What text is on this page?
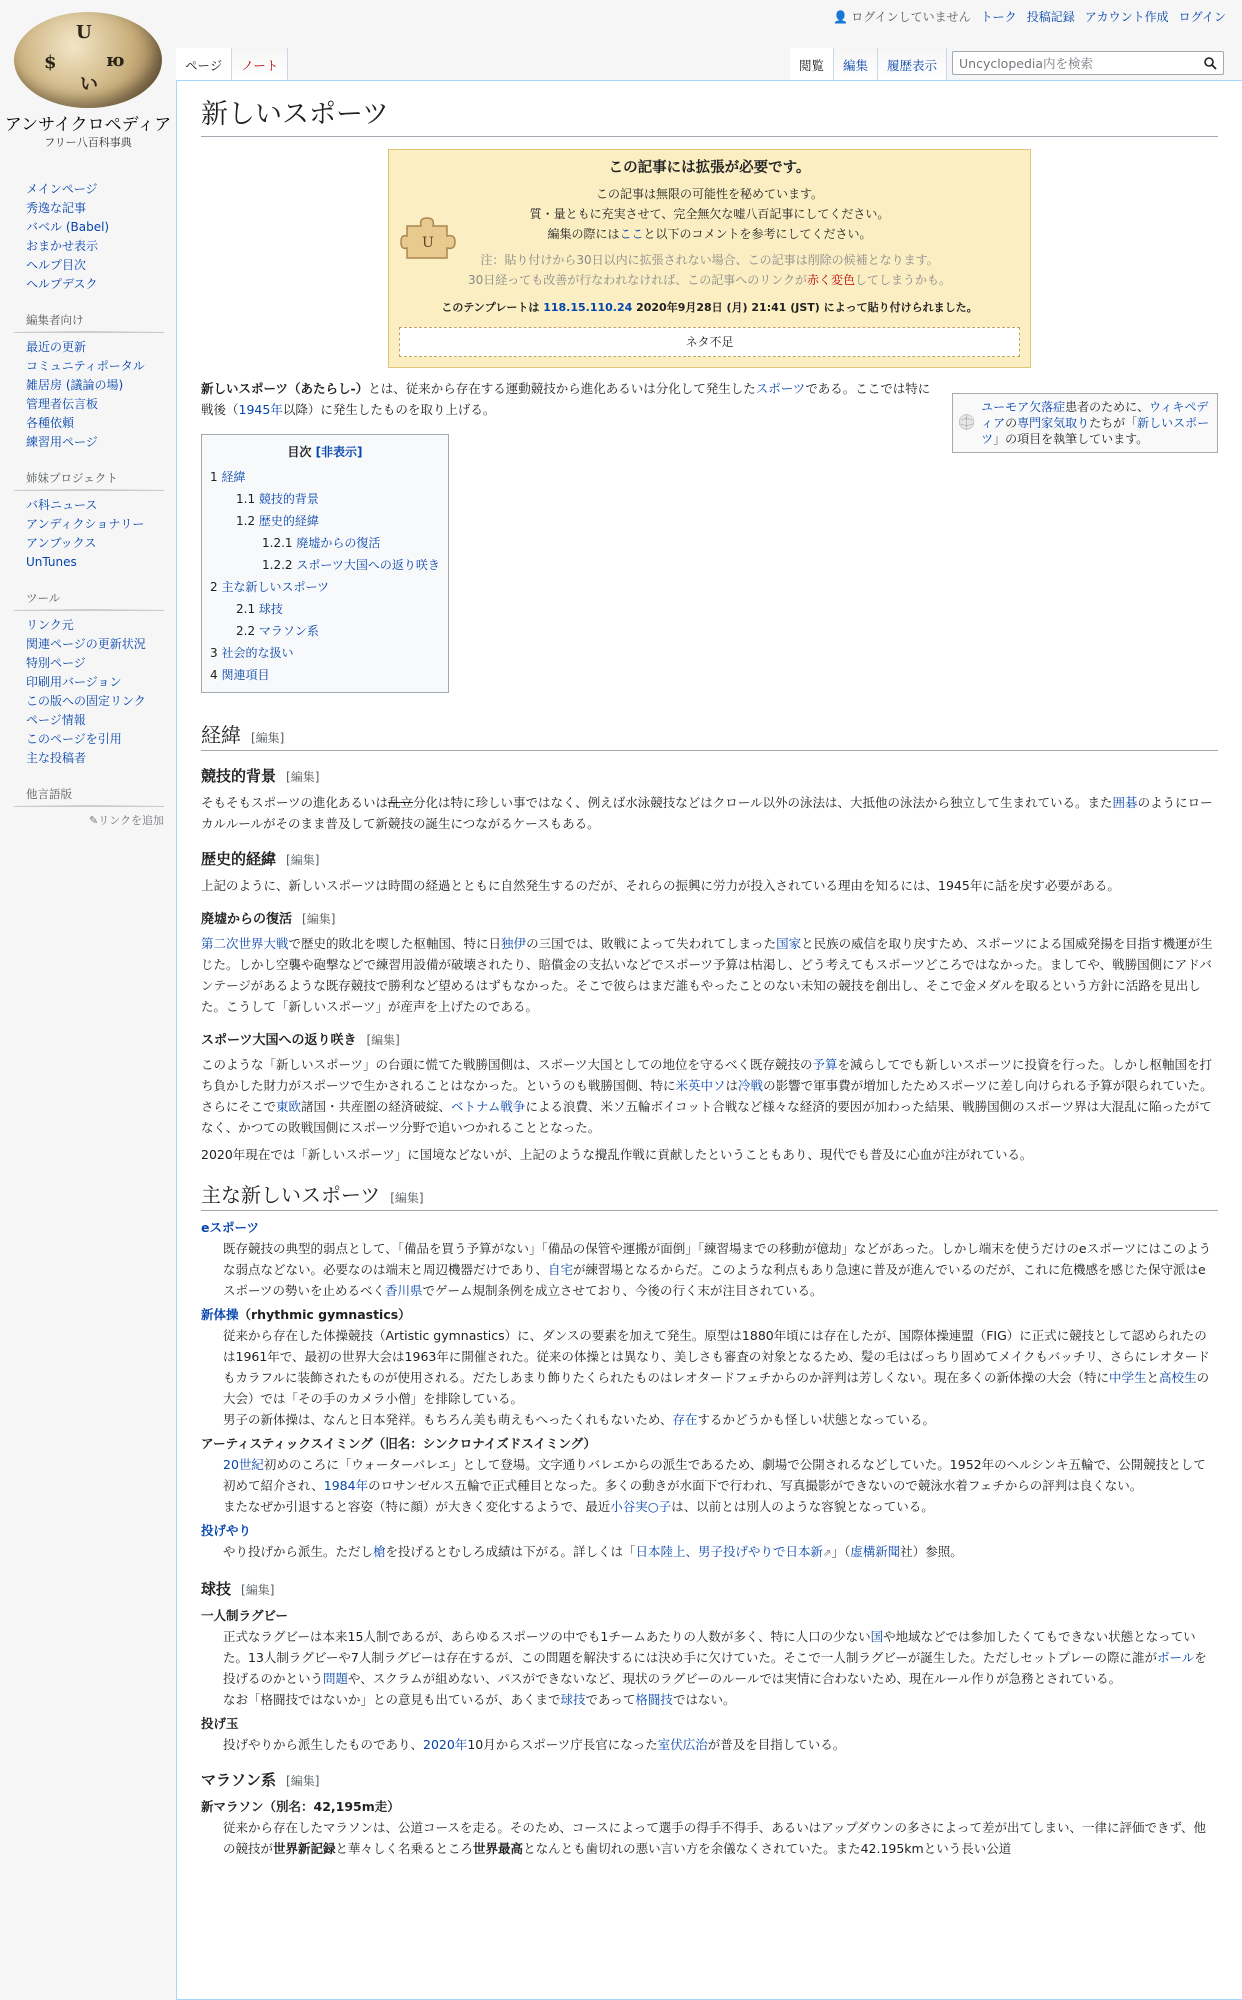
U
$	ю
い
アンサイクロペディア
フリー八百科事典
👤 ログインしていません トーク 投稿記録 アカウント作成 ログイン
ページ	ノート	閲覧	編集	履歴表示	Uncyclopedia内を検索
メインページ
秀逸な記事
バベル (Babel)
おまかせ表示
ヘルプ目次
ヘルプデスク
編集者向け
最近の更新
コミュニティポータル
雑居房 (議論の場)
管理者伝言板
各種依頼
練習用ページ
姉妹プロジェクト
バ科ニュース
アンディクショナリー
アンブックス
UnTunes
ツール
リンク元
関連ページの更新状況
特別ページ
印刷用バージョン
この版への固定リンク
ページ情報
このページを引用
主な投稿者
他言語版
✎リンクを追加
新しいスポーツ
U
この記事には拡張が必要です。
この記事は無限の可能性を秘めています。
質・量ともに充実させて、完全無欠な嘘八百記事にしてください。
編集の際にはここと以下のコメントを参考にしてください。
注：貼り付けから30日以内に拡張されない場合、この記事は削除の候補となります。
30日経っても改善が行なわれなければ、この記事へのリンクが赤く変色してしまうかも。
このテンプレートは 118.15.110.24 2020年9月28日 (月) 21:41 (JST) によって貼り付けられました。
ネタ不足
ユーモア欠落症患者のために、ウィキペディアの専門家気取りたちが「新しいスポーツ」の項目を執筆しています。

新しいスポーツ（あたらし-）とは、従来から存在する運動競技から進化あるいは分化して発生したスポーツである。ここでは特に戦後（1945年以降）に発生したものを取り上げる。

目次 [非表示]
1 経緯
1.1 競技的背景
1.2 歴史的経緯
1.2.1 廃墟からの復活
1.2.2 スポーツ大国への返り咲き
2 主な新しいスポーツ
2.1 球技
2.2 マラソン系
3 社会的な扱い
4 関連項目
経緯 [編集]
競技的背景 [編集]

そもそもスポーツの進化あるいは乱立分化は特に珍しい事ではなく、例えば水泳競技などはクロール以外の泳法は、大抵他の泳法から独立して生まれている。また囲碁のようにローカルルールがそのまま普及して新競技の誕生につながるケースもある。

歴史的経緯 [編集]

上記のように、新しいスポーツは時間の経過とともに自然発生するのだが、それらの振興に労力が投入されている理由を知るには、1945年に話を戻す必要がある。

廃墟からの復活 [編集]

第二次世界大戦で歴史的敗北を喫した枢軸国、特に日独伊の三国では、敗戦によって失われてしまった国家と民族の威信を取り戻すため、スポーツによる国威発揚を目指す機運が生じた。しかし空襲や砲撃などで練習用設備が破壊されたり、賠償金の支払いなどでスポーツ予算は枯渇し、どう考えてもスポーツどころではなかった。ましてや、戦勝国側にアドバンテージがあるような既存競技で勝利など望めるはずもなかった。そこで彼らはまだ誰もやったことのない未知の競技を創出し、そこで金メダルを取るという方針に活路を見出した。こうして「新しいスポーツ」が産声を上げたのである。

スポーツ大国への返り咲き [編集]

このような「新しいスポーツ」の台頭に慌てた戦勝国側は、スポーツ大国としての地位を守るべく既存競技の予算を減らしてでも新しいスポーツに投資を行った。しかし枢軸国を打ち負かした財力がスポーツで生かされることはなかった。というのも戦勝国側、特に米英中ソは冷戦の影響で軍事費が増加したためスポーツに差し向けられる予算が限られていた。さらにそこで東欧諸国・共産圏の経済破綻、ベトナム戦争による浪費、米ソ五輪ボイコット合戦など様々な経済的要因が加わった結果、戦勝国側のスポーツ界は大混乱に陥ったがてなく、かつての敗戦国側にスポーツ分野で追いつかれることとなった。

2020年現在では「新しいスポーツ」に国境などないが、上記のような攪乱作戦に貢献したということもあり、現代でも普及に心血が注がれている。

主な新しいスポーツ [編集]
eスポーツ
既存競技の典型的弱点として、「備品を買う予算がない」「備品の保管や運搬が面倒」「練習場までの移動が億劫」などがあった。しかし端末を使うだけのeスポーツにはこのような弱点などない。必要なのは端末と周辺機器だけであり、自宅が練習場となるからだ。このような利点もあり急速に普及が進んでいるのだが、これに危機感を感じた保守派はeスポーツの勢いを止めるべく香川県でゲーム規制条例を成立させており、今後の行く末が注目されている。
新体操（rhythmic gymnastics）
従来から存在した体操競技（Artistic gymnastics）に、ダンスの要素を加えて発生。原型は1880年頃には存在したが、国際体操連盟（FIG）に正式に競技として認められたのは1961年で、最初の世界大会は1963年に開催された。従来の体操とは異なり、美しさも審査の対象となるため、髪の毛はばっちり固めてメイクもバッチリ、さらにレオタードもカラフルに装飾されたものが使用される。だたしあまり飾りたくられたものはレオタードフェチからのか評判は芳しくない。現在多くの新体操の大会（特に中学生と高校生の大会）では「その手のカメラ小僧」を排除している。
男子の新体操は、なんと日本発祥。もちろん美も萌えもへったくれもないため、存在するかどうかも怪しい状態となっている。
アーティスティックスイミング（旧名：シンクロナイズドスイミング）
20世紀初めのころに「ウォーターバレエ」として登場。文字通りバレエからの派生であるため、劇場で公開されるなどしていた。1952年のヘルシンキ五輪で、公開競技として初めて紹介され、1984年のロサンゼルス五輪で正式種目となった。多くの動きが水面下で行われ、写真撮影ができないので競泳水着フェチからの評判は良くない。
またなぜか引退すると容姿（特に顔）が大きく変化するようで、最近小谷実○子は、以前とは別人のような容貌となっている。
投げやり
やり投げから派生。ただし槍を投げるとむしろ成績は下がる。詳しくは「日本陸上、男子投げやりで日本新⇗」（虚構新聞社）参照。
球技 [編集]
一人制ラグビー
正式なラグビーは本来15人制であるが、あらゆるスポーツの中でも1チームあたりの人数が多く、特に人口の少ない国や地域などでは参加したくてもできない状態となっていた。13人制ラグビーや7人制ラグビーは存在するが、この問題を解決するには決め手に欠けていた。そこで一人制ラグビーが誕生した。ただしセットプレーの際に誰がボールを投げるのかという問題や、スクラムが組めない、パスができないなど、現状のラグビーのルールでは実情に合わないため、現在ルール作りが急務とされている。
なお「格闘技ではないか」との意見も出ているが、あくまで球技であって格闘技ではない。
投げ玉
投げやりから派生したものであり、2020年10月からスポーツ庁長官になった室伏広治が普及を目指している。
マラソン系 [編集]
新マラソン（別名：42,195m走）
従来から存在したマラソンは、公道コースを走る。そのため、コースによって選手の得手不得手、あるいはアップダウンの多さによって差が出てしまい、一律に評価できず、他の競技が世界新記録と華々しく名乗るところ世界最高となんとも歯切れの悪い言い方を余儀なくされていた。また42.195kmという長い公道
